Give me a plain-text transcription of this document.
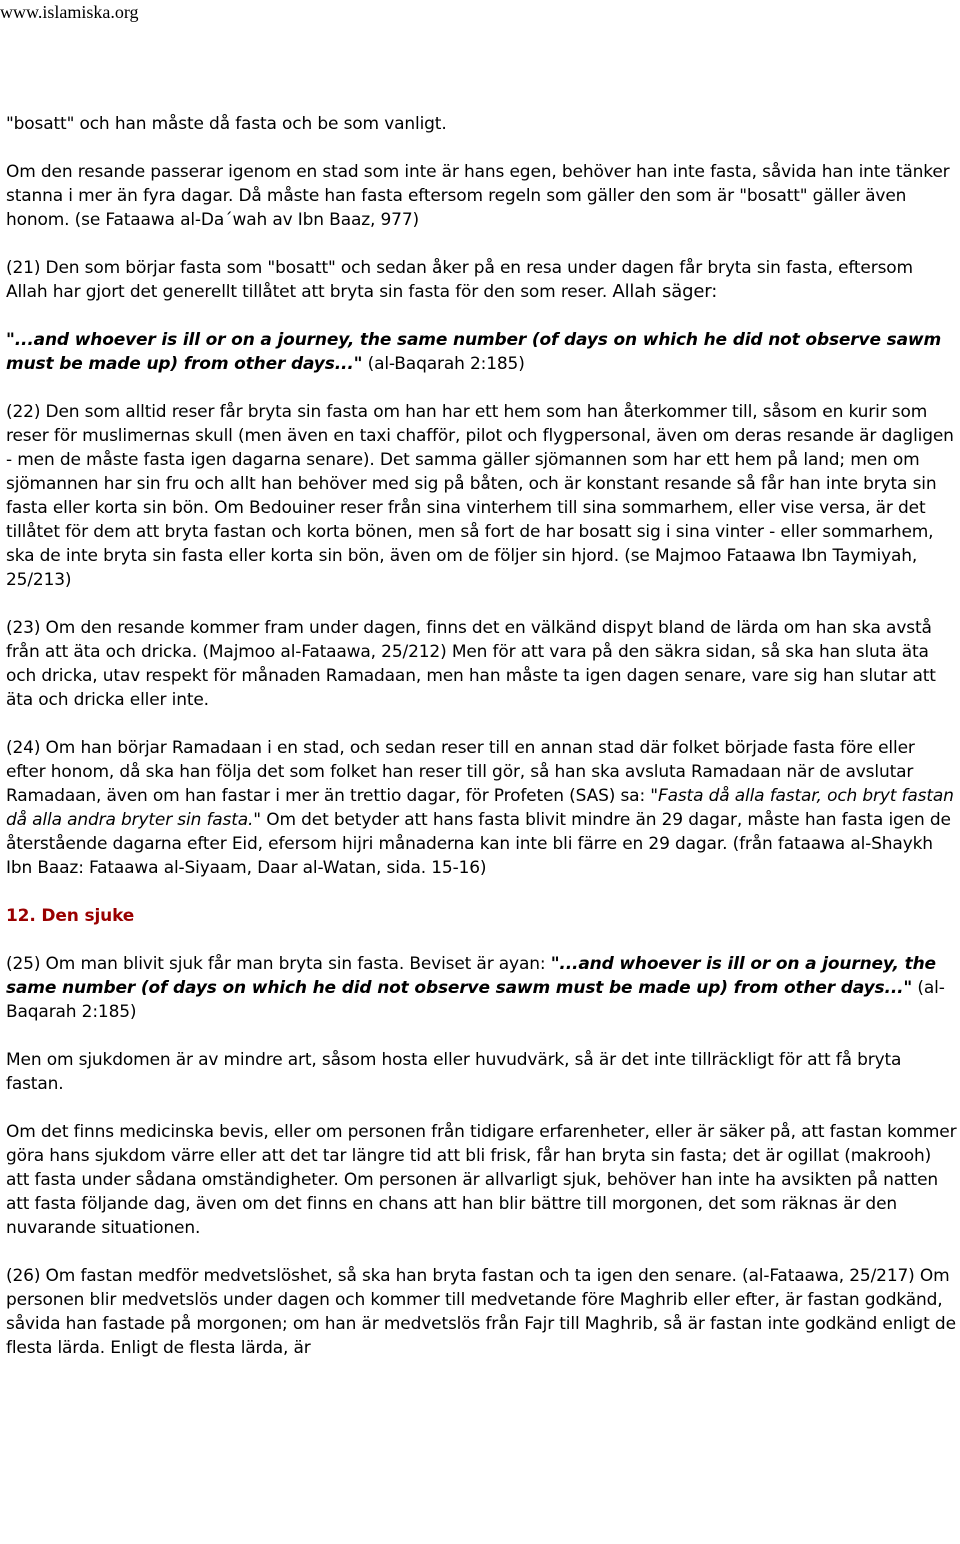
www.islamiska.org

"bosatt" och han måste då fasta och be som vanligt.

Om den resande passerar igenom en stad som inte är hans egen, behöver han inte fasta, såvida han inte tänker stanna i mer än fyra dagar. Då måste han fasta eftersom regeln som gäller den som är "bosatt" gäller även honom. (se Fataawa al-Da´wah av Ibn Baaz, 977)

(21) Den som börjar fasta som "bosatt" och sedan åker på en resa under dagen får bryta sin fasta, eftersom Allah har gjort det generellt tillåtet att bryta sin fasta för den som reser. Allah säger:

"...and whoever is ill or on a journey, the same number (of days on which he did not observe sawm must be made up) from other days..." (al-Baqarah 2:185)

(22) Den som alltid reser får bryta sin fasta om han har ett hem som han återkommer till, såsom en kurir som reser för muslimernas skull (men även en taxi chafför, pilot och flygpersonal, även om deras resande är dagligen - men de måste fasta igen dagarna senare). Det samma gäller sjömannen som har ett hem på land; men om sjömannen har sin fru och allt han behöver med sig på båten, och är konstant resande så får han inte bryta sin fasta eller korta sin bön. Om Bedouiner reser från sina vinterhem till sina sommarhem, eller vise versa, är det tillåtet för dem att bryta fastan och korta bönen, men så fort de har bosatt sig i sina vinter - eller sommarhem, ska de inte bryta sin fasta eller korta sin bön, även om de följer sin hjord. (se Majmoo Fataawa Ibn Taymiyah, 25/213)

(23) Om den resande kommer fram under dagen, finns det en välkänd dispyt bland de lärda om han ska avstå från att äta och dricka. (Majmoo al-Fataawa, 25/212) Men för att vara på den säkra sidan, så ska han sluta äta och dricka, utav respekt för månaden Ramadaan, men han måste ta igen dagen senare, vare sig han slutar att äta och dricka eller inte.

(24) Om han börjar Ramadaan i en stad, och sedan reser till en annan stad där folket började fasta före eller efter honom, då ska han följa det som folket han reser till gör, så han ska avsluta Ramadaan när de avslutar Ramadaan, även om han fastar i mer än trettio dagar, för Profeten (SAS) sa: "Fasta då alla fastar, och bryt fastan då alla andra bryter sin fasta." Om det betyder att hans fasta blivit mindre än 29 dagar, måste han fasta igen de återstående dagarna efter Eid, efersom hijri månaderna kan inte bli färre en 29 dagar. (från fataawa al-Shaykh Ibn Baaz: Fataawa al-Siyaam, Daar al-Watan, sida. 15-16)

12. Den sjuke

(25) Om man blivit sjuk får man bryta sin fasta. Beviset är ayan: "...and whoever is ill or on a journey, the same number (of days on which he did not observe sawm must be made up) from other days..." (al-Baqarah 2:185)

Men om sjukdomen är av mindre art, såsom hosta eller huvudvärk, så är det inte tillräckligt för att få bryta fastan.

Om det finns medicinska bevis, eller om personen från tidigare erfarenheter, eller är säker på, att fastan kommer göra hans sjukdom värre eller att det tar längre tid att bli frisk, får han bryta sin fasta; det är ogillat (makrooh) att fasta under sådana omständigheter. Om personen är allvarligt sjuk, behöver han inte ha avsikten på natten att fasta följande dag, även om det finns en chans att han blir bättre till morgonen, det som räknas är den nuvarande situationen.

(26) Om fastan medför medvetslöshet, så ska han bryta fastan och ta igen den senare. (al-Fataawa, 25/217) Om personen blir medvetslös under dagen och kommer till medvetande före Maghrib eller efter, är fastan godkänd, såvida han fastade på morgonen; om han är medvetslös från Fajr till Maghrib, så är fastan inte godkänd enligt de flesta lärda. Enligt de flesta lärda, är
